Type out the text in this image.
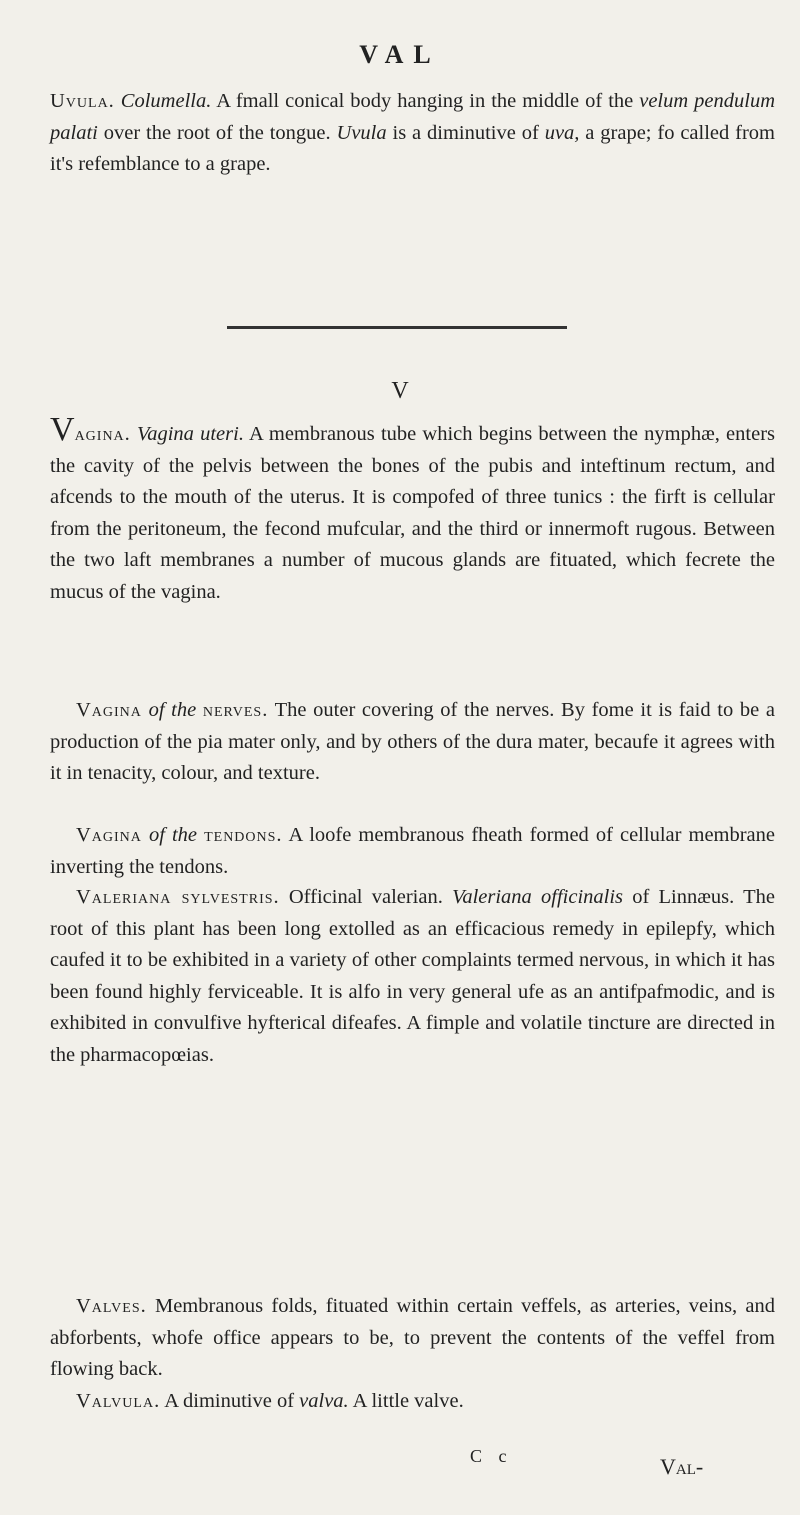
VAL
Uvula. Columella. A fmall conical body hanging in the middle of the velum pendulum palati over the root of the tongue. Uvula is a diminutive of uva, a grape; fo called from it's refemblance to a grape.
V
Vagina. Vagina uteri. A membranous tube which begins between the nymphæ, enters the cavity of the pelvis between the bones of the pubis and inteftinum rectum, and afcends to the mouth of the uterus. It is compofed of three tunics : the firft is cellular from the peritoneum, the fecond mufcular, and the third or innermoft rugous. Between the two laft membranes a number of mucous glands are fituated, which fecrete the mucus of the vagina.
Vagina of the nerves. The outer covering of the nerves. By fome it is faid to be a production of the pia mater only, and by others of the dura mater, becaufe it agrees with it in tenacity, colour, and texture.
Vagina of the tendons. A loofe membranous fheath formed of cellular membrane inverting the tendons.
Valeriana sylvestris. Officinal valerian. Valeriana officinalis of Linnæus. The root of this plant has been long extolled as an efficacious remedy in epilepfy, which caufed it to be exhibited in a variety of other complaints termed nervous, in which it has been found highly ferviceable. It is alfo in very general ufe as an antifpafmodic, and is exhibited in convulfive hyfterical difeafes. A fimple and volatile tincture are directed in the pharmacopœias.
Valves. Membranous folds, fituated within certain veffels, as arteries, veins, and abforbents, whofe office appears to be, to prevent the contents of the veffel from flowing back.
Valvula. A diminutive of valva. A little valve.
C c	Val-
